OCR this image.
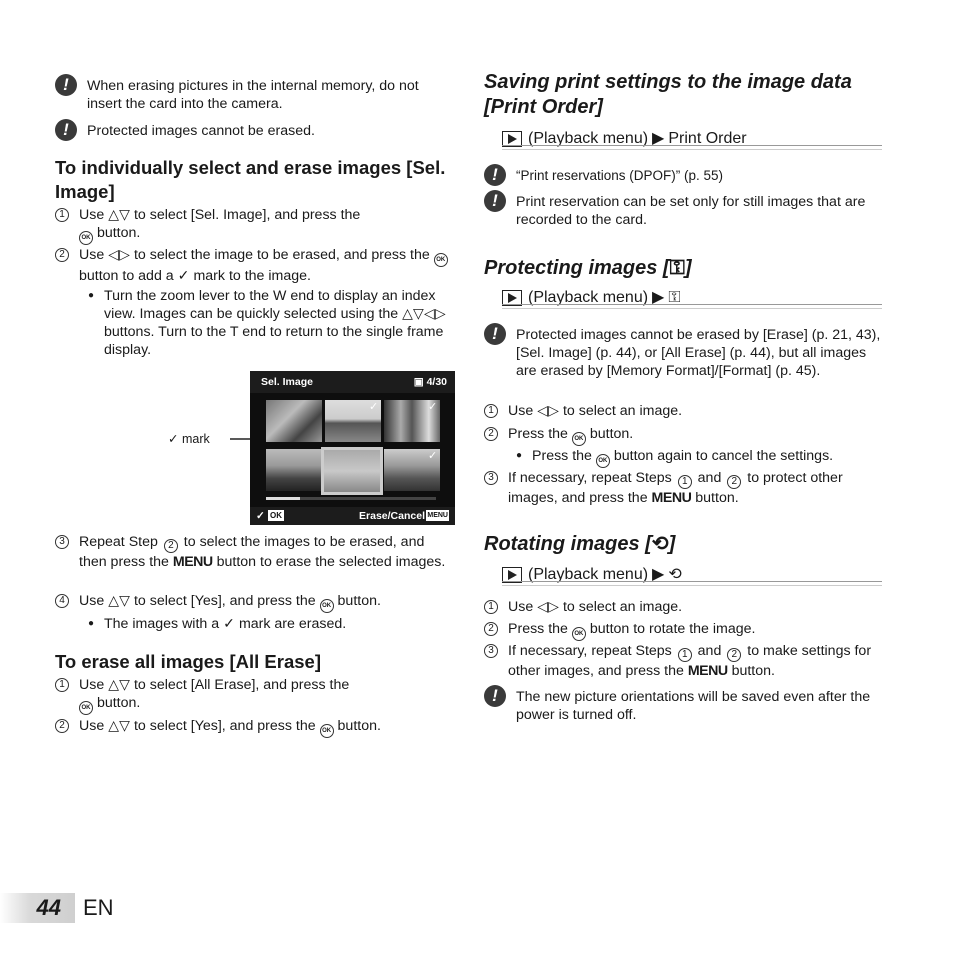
!	When erasing pictures in the internal memory, do not insert the card into the camera.
!	Protected images cannot be erased.
To individually select and erase images [Sel. Image]
1 Use △▽ to select [Sel. Image], and press the
OK button.
2 Use ◁▷ to select the image to be erased, and press the OK button to add a ✓ mark to the image.
● Turn the zoom lever to the W end to display an index view. Images can be quickly selected using the △▽◁▷ buttons. Turn to the T end to return to the single frame display.
✓ mark
Sel. Image	▣ 4/30
✓	✓
✓
✓ OK	Erase/Cancel MENU
3 Repeat Step 2 to select the images to be erased, and then press the MENU button to erase the selected images.
4 Use △▽ to select [Yes], and press the OK button.
● The images with a ✓ mark are erased.
To erase all images [All Erase]
1 Use △▽ to select [All Erase], and press the
OK button.
2 Use △▽ to select [Yes], and press the OK button.
Saving print settings to the image data [Print Order]
(Playback menu) ▶ Print Order
!	“Print reservations (DPOF)” (p. 55)
!	Print reservation can be set only for still images that are recorded to the card.
Protecting images [⚿]
(Playback menu) ▶ ⚿
!	Protected images cannot be erased by [Erase] (p. 21, 43), [Sel. Image] (p. 44), or [All Erase] (p. 44), but all images are erased by [Memory Format]/[Format] (p. 45).
1 Use ◁▷ to select an image.
2 Press the OK button.
● Press the OK button again to cancel the settings.
3 If necessary, repeat Steps 1 and 2 to protect other images, and press the MENU button.
Rotating images [⟲]
(Playback menu) ▶ ⟲
1 Use ◁▷ to select an image.
2 Press the OK button to rotate the image.
3 If necessary, repeat Steps 1 and 2 to make settings for other images, and press the MENU button.
!	The new picture orientations will be saved even after the power is turned off.
44 EN
